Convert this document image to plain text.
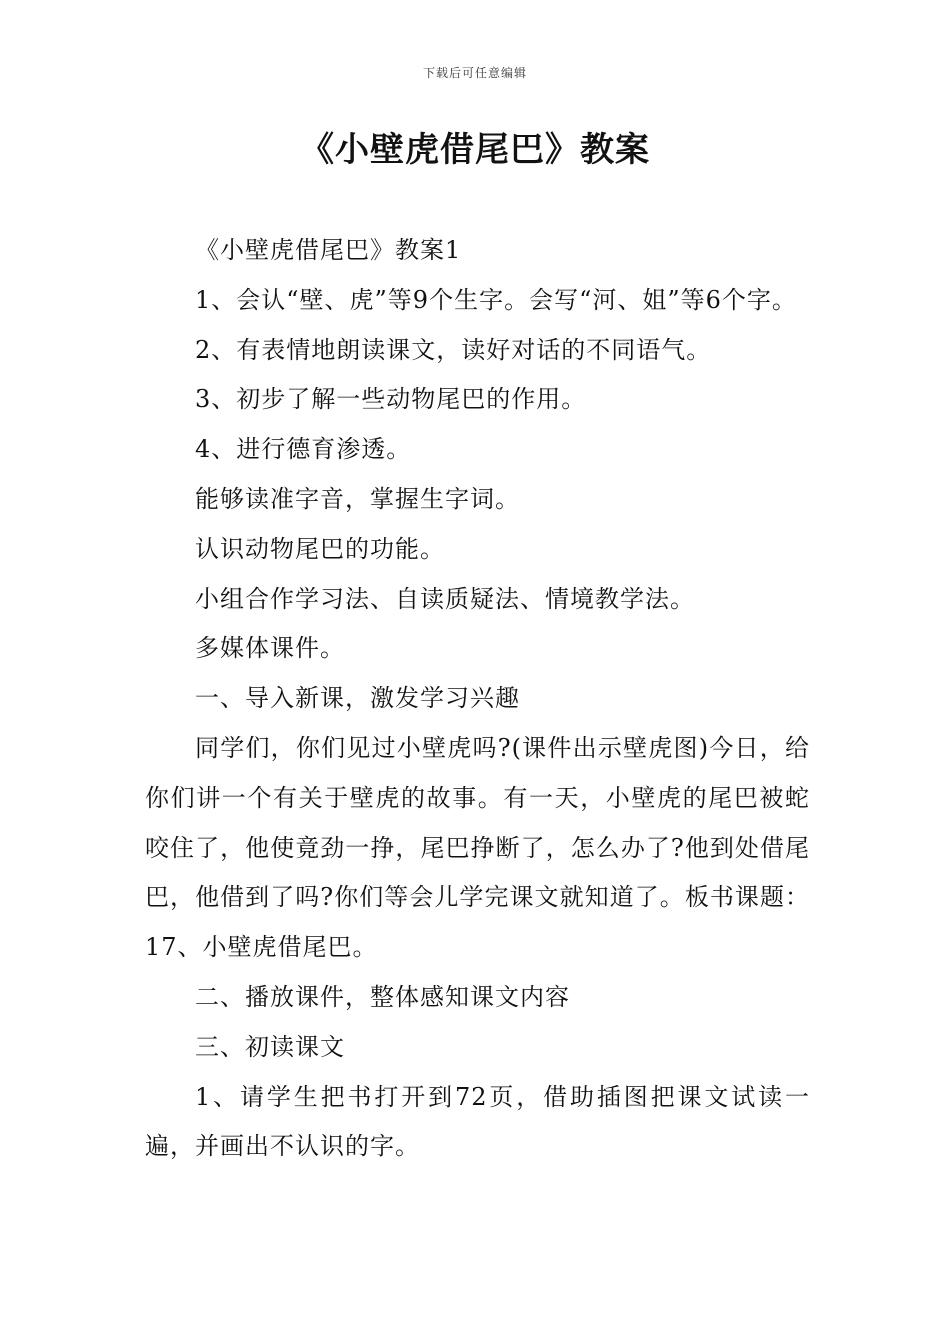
下载后可任意编辑
《小壁虎借尾巴》教案

《小壁虎借尾巴》教案1

1、会认“壁、虎”等9个生字。会写“河、姐”等6个字。

2、有表情地朗读课文，读好对话的不同语气。

3、初步了解一些动物尾巴的作用。

4、进行德育渗透。

能够读准字音，掌握生字词。

认识动物尾巴的功能。

小组合作学习法、自读质疑法、情境教学法。

多媒体课件。

一、导入新课，激发学习兴趣

同学们，你们见过小壁虎吗?(课件出示壁虎图)今日，给你们讲一个有关于壁虎的故事。有一天，小壁虎的尾巴被蛇咬住了，他使竟劲一挣，尾巴挣断了，怎么办了?他到处借尾巴，他借到了吗?你们等会儿学完课文就知道了。板书课题：17、小壁虎借尾巴。

二、播放课件，整体感知课文内容

三、初读课文

1、请学生把书打开到72页，借助插图把课文试读一遍，并画出不认识的字。
